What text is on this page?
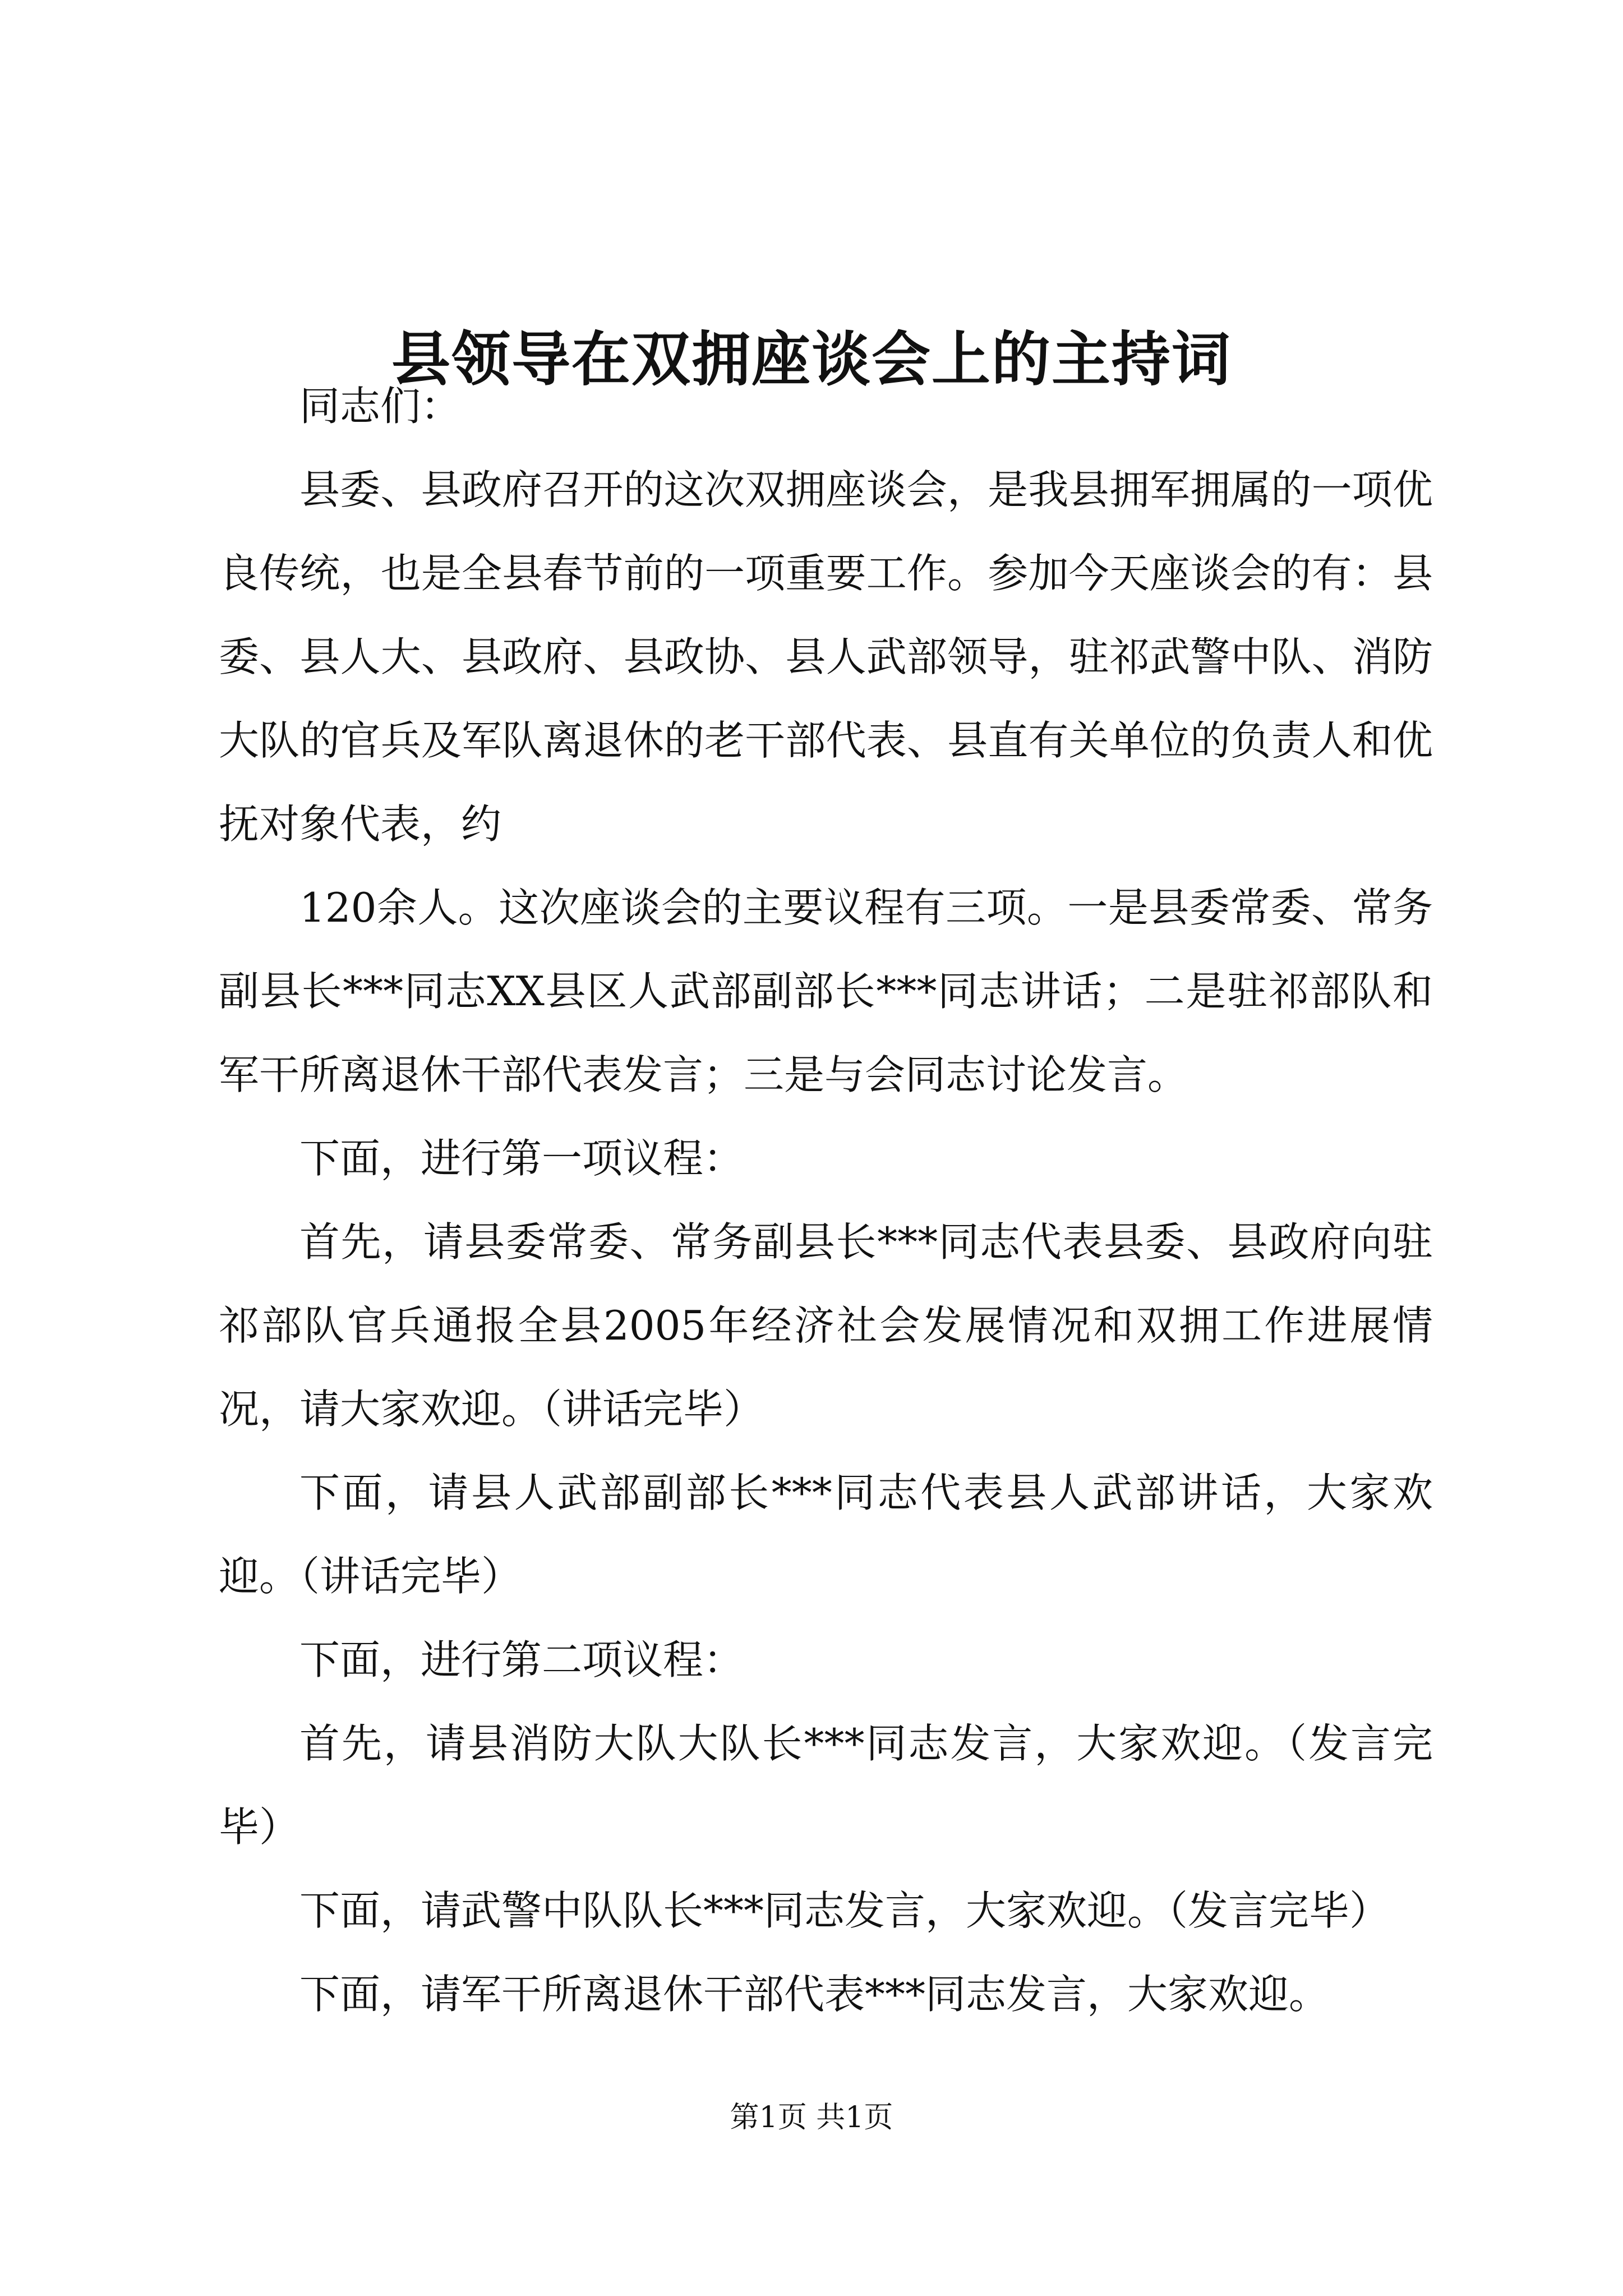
县领导在双拥座谈会上的主持词

同志们：

县委、县政府召开的这次双拥座谈会，是我县拥军拥属的一项优良传统，也是全县春节前的一项重要工作。参加今天座谈会的有：县委、县人大、县政府、县政协、县人武部领导，驻祁武警中队、消防大队的官兵及军队离退休的老干部代表、县直有关单位的负责人和优抚对象代表，约

120余人。这次座谈会的主要议程有三项。一是县委常委、常务副县长***同志XX县区人武部副部长***同志讲话；二是驻祁部队和军干所离退休干部代表发言；三是与会同志讨论发言。

下面，进行第一项议程：

首先，请县委常委、常务副县长***同志代表县委、县政府向驻祁部队官兵通报全县2005年经济社会发展情况和双拥工作进展情况，请大家欢迎。（讲话完毕）

下面，请县人武部副部长***同志代表县人武部讲话，大家欢迎。（讲话完毕）

下面，进行第二项议程：

首先，请县消防大队大队长***同志发言，大家欢迎。（发言完毕）

下面，请武警中队队长***同志发言，大家欢迎。（发言完毕）

下面，请军干所离退休干部代表***同志发言，大家欢迎。

第1页 共1页
